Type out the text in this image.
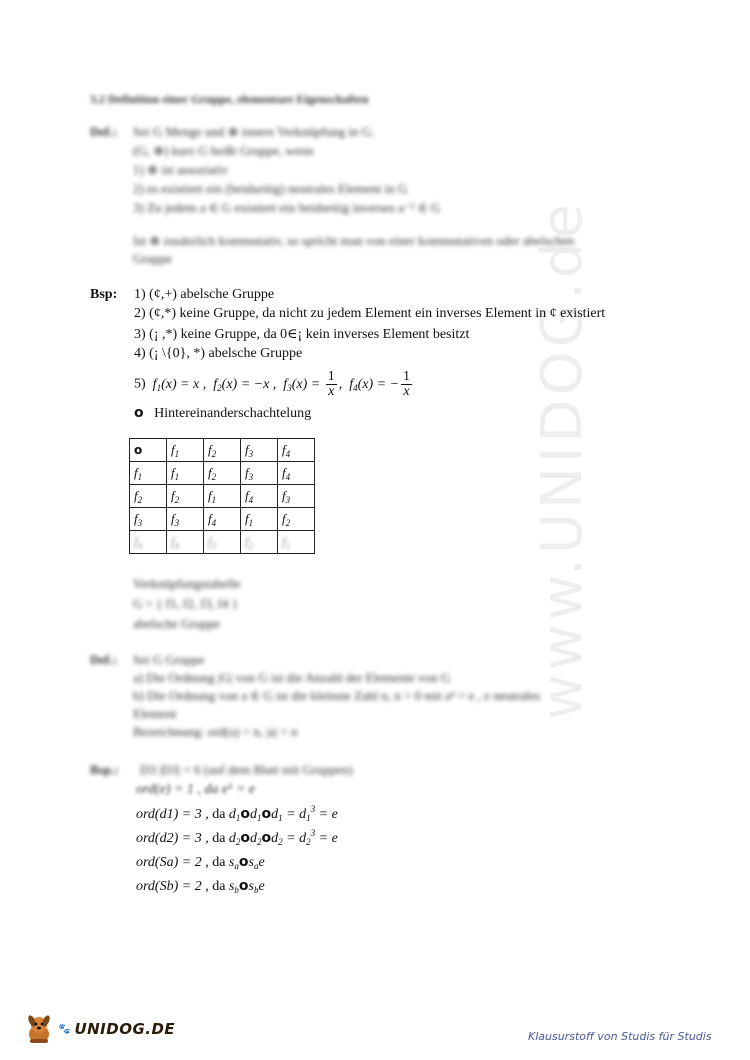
www.UNIDOG.de
3.2 Definition einer Gruppe, elementare Eigenschaften
Def.: Sei G Menge und ⊕ innere Verknüpfung in G.
(G, ⊕) kurz G heißt Gruppe, wenn
1) ⊕ ist assoziativ
2) es existiert ein (beidseitig) neutrales Element in G
3) Zu jedem a ∈ G existiert ein beidseitig inverses a⁻¹ ∈ G
Ist ⊕ zusätzlich kommutativ, so spricht man von einer kommutativen oder abelschen
Gruppe
Bsp: 1) (¢,+) abelsche Gruppe
2) (¢,*) keine Gruppe, da nicht zu jedem Element ein inverses Element in ¢ existiert
3) (¡ ,*) keine Gruppe, da 0∈¡ kein inverses Element besitzt
4) (¡ \{0}, *) abelsche Gruppe
5)  $f_1(x) = x$ ,  $f_2(x) = -x$ ,  $f_3(x) = \frac{1}{x}$ ,  $f_4(x)$ = − $\frac{1}{x}$
o Hintereinanderschachtelung
o	$f_1$	$f_2$	$f_3$	$f_4$
$f_1$	$f_1$	$f_2$	$f_3$	$f_4$
$f_2$	$f_2$	$f_1$	$f_4$	$f_3$
$f_3$	$f_3$	$f_4$	$f_1$	$f_2$
$f_4$	$f_4$	$f_3$	$f_2$	$f_1$
Verknüpfungstabelle
G = { f1, f2, f3, f4 }
abelsche Gruppe
Def.: Sei G Gruppe
a) Die Ordnung |G| von G ist die Anzahl der Elemente von G
b) Die Ordnung von a ∈ G ist die kleinste Zahl n, n > 0 mit aⁿ = e , e neutrales
Element
Bezeichnung: ord(a) = n, |a| = n
Bsp.: D3 |D3| = 6 (auf dem Blatt mit Gruppen)
ord(e) = 1 , da e¹ = e
ord(d1) = 3 , da $d_1od_1od_1 = d_1^3 = e$
ord(d2) = 3 , da $d_2od_2od_2 = d_2^3 = e$
ord(Sa) = 2 , da $s_aos_ae$
ord(Sb) = 2 , da $s_bos_be$
🐾 UNIDOG.DE	Klausurstoff von Studis für Studis
